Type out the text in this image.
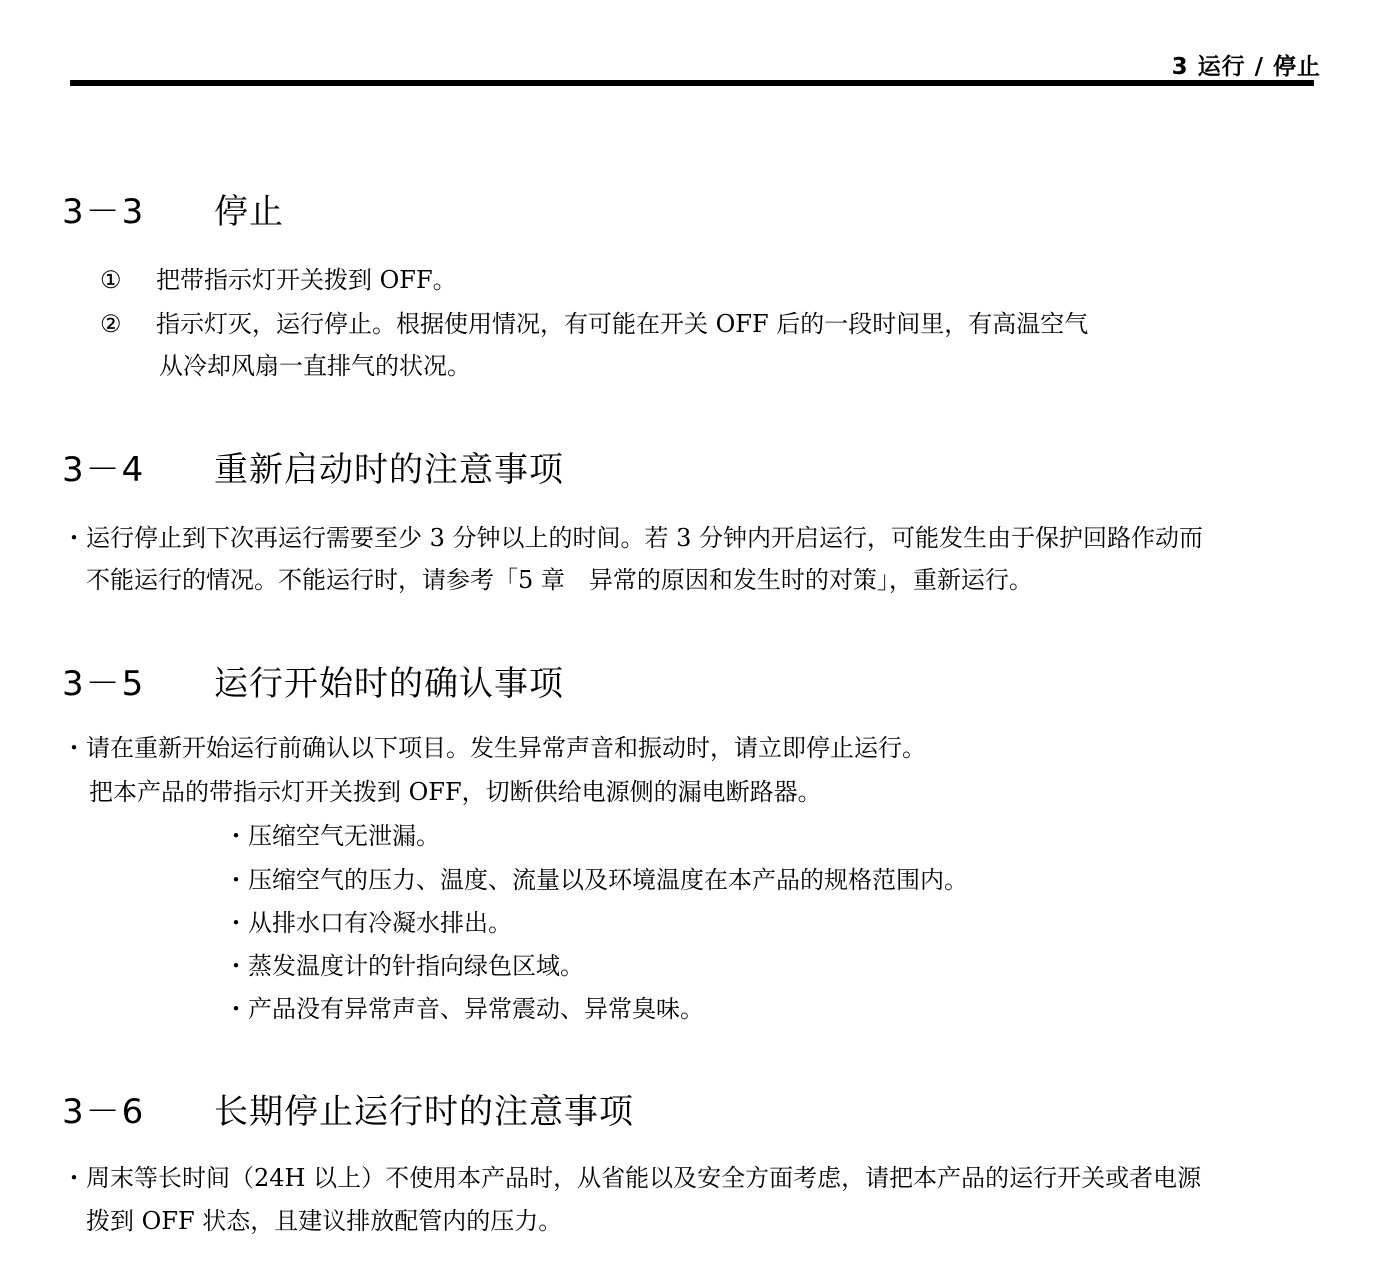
3 运行 / 停止
3－3 停止
① 把带指示灯开关拨到 OFF。
② 指示灯灭，运行停止。根据使用情况，有可能在开关 OFF 后的一段时间里，有高温空气
从冷却风扇一直排气的状况。
3－4 重新启动时的注意事项
・运行停止到下次再运行需要至少 3 分钟以上的时间。若 3 分钟内开启运行，可能发生由于保护回路作动而
不能运行的情况。不能运行时，请参考「5 章　异常的原因和发生时的对策」，重新运行。
3－5 运行开始时的确认事项
・请在重新开始运行前确认以下项目。发生异常声音和振动时，请立即停止运行。
把本产品的带指示灯开关拨到 OFF，切断供给电源侧的漏电断路器。
・压缩空气无泄漏。
・压缩空气的压力、温度、流量以及环境温度在本产品的规格范围内。
・从排水口有冷凝水排出。
・蒸发温度计的针指向绿色区域。
・产品没有异常声音、异常震动、异常臭味。
3－6 长期停止运行时的注意事项
・周末等长时间（24H 以上）不使用本产品时，从省能以及安全方面考虑，请把本产品的运行开关或者电源
拨到 OFF 状态，且建议排放配管内的压力。
